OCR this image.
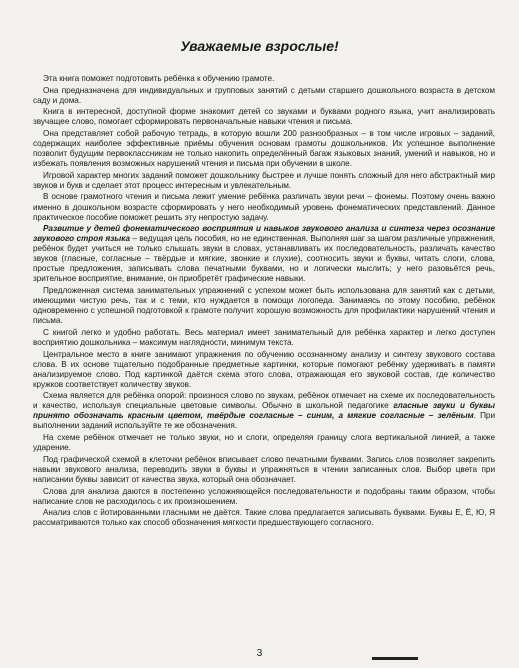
Уважаемые взрослые!

Эта книга поможет подготовить ребёнка к обучению грамоте.

Она предназначена для индивидуальных и групповых занятий с детьми старшего дошкольного возраста в детском саду и дома.

Книга в интересной, доступной форме знакомит детей со звуками и буквами родного языка, учит анализировать звучащее слово, помогает сформировать первоначальные навыки чтения и письма.

Она представляет собой рабочую тетрадь, в которую вошли 200 разнообразных – в том числе игровых – заданий, содержащих наиболее эффективные приёмы обучения основам грамоты дошкольников. Их успешное выполнение позволит будущим первоклассникам не только накопить определённый багаж языковых знаний, умений и навыков, но и избежать появления возможных нарушений чтения и письма при обучении в школе.

Игровой характер многих заданий поможет дошкольнику быстрее и лучше понять сложный для него абстрактный мир звуков и букв и сделает этот процесс интересным и увлекательным.

В основе грамотного чтения и письма лежит умение ребёнка различать звуки речи – фонемы. Поэтому очень важно именно в дошкольном возрасте сформировать у него необходимый уровень фонематических представлений. Данное практическое пособие поможет решить эту непростую задачу.

Развитие у детей фонематического восприятия и навыков звукового анализа и синтеза через осознание звукового строя языка – ведущая цель пособия, но не единственная. Выполняя шаг за шагом различные упражнения, ребёнок будет учиться не только слышать звуки в словах, устанавливать их последовательность, различать качество звуков (гласные, согласные – твёрдые и мягкие, звонкие и глухие), соотносить звуки и буквы, читать слоги, слова, простые предложения, записывать слова печатными буквами, но и логически мыслить; у него разовьётся речь, зрительное восприятие, внимание, он приобретёт графические навыки.

Предложенная система занимательных упражнений с успехом может быть использована для занятий как с детьми, имеющими чистую речь, так и с теми, кто нуждается в помощи логопеда. Занимаясь по этому пособию, ребёнок одновременно с успешной подготовкой к грамоте получит хорошую возможность для профилактики нарушений чтения и письма.

С книгой легко и удобно работать. Весь материал имеет занимательный для ребёнка характер и легко доступен восприятию дошкольника – максимум наглядности, минимум текста.

Центральное место в книге занимают упражнения по обучению осознанному анализу и синтезу звукового состава слова. В их основе тщательно подобранные предметные картинки, которые помогают ребёнку удерживать в памяти анализируемое слово. Под картинкой даётся схема этого слова, отражающая его звуковой состав, где количество кружков соответствует количеству звуков.

Схема является для ребёнка опорой: произнося слово по звукам, ребёнок отмечает на схеме их последовательность и качество, используя специальные цветовые символы. Обычно в школьной педагогике гласные звуки и буквы принято обозначать красным цветом, твёрдые согласные – синим, а мягкие согласные – зелёным. При выполнении заданий используйте те же обозначения.

На схеме ребёнок отмечает не только звуки, но и слоги, определяя границу слога вертикальной линией, а также ударение.

Под графической схемой в клеточки ребёнок вписывает слово печатными буквами. Запись слов позволяет закрепить навыки звукового анализа, переводить звуки в буквы и упражняться в чтении записанных слов. Выбор цвета при написании буквы зависит от качества звука, который она обозначает.

Слова для анализа даются в постепенно усложняющейся последовательности и подобраны таким образом, чтобы написание слов не расходилось с их произношением.

Анализ слов с йотированными гласными не даётся. Такие слова предлагается записывать буквами. Буквы Е, Ё, Ю, Я рассматриваются только как способ обозначения мягкости предшествующего согласного.

3
